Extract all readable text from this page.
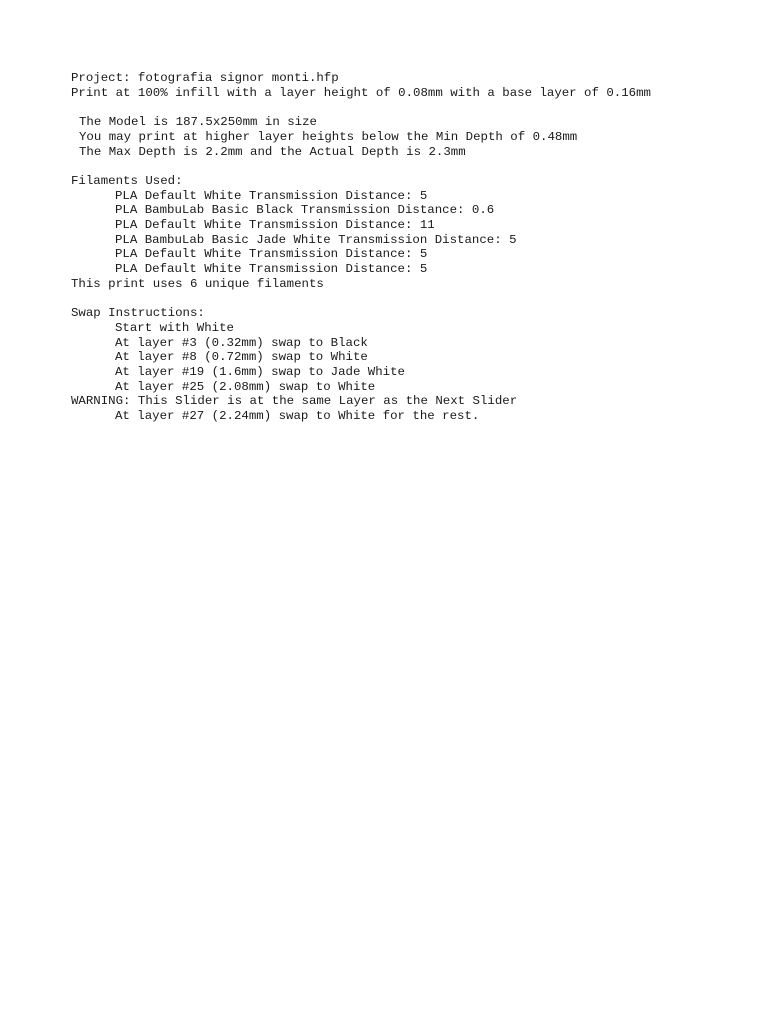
Project: fotografia signor monti.hfp
Print at 100% infill with a layer height of 0.08mm with a base layer of 0.16mm
The Model is 187.5x250mm in size
You may print at higher layer heights below the Min Depth of 0.48mm
The Max Depth is 2.2mm and the Actual Depth is 2.3mm
Filaments Used:
PLA Default White Transmission Distance: 5
PLA BambuLab Basic Black Transmission Distance: 0.6
PLA Default White Transmission Distance: 11
PLA BambuLab Basic Jade White Transmission Distance: 5
PLA Default White Transmission Distance: 5
PLA Default White Transmission Distance: 5
This print uses 6 unique filaments
Swap Instructions:
Start with White
At layer #3 (0.32mm) swap to Black
At layer #8 (0.72mm) swap to White
At layer #19 (1.6mm) swap to Jade White
At layer #25 (2.08mm) swap to White
WARNING: This Slider is at the same Layer as the Next Slider
At layer #27 (2.24mm) swap to White for the rest.
